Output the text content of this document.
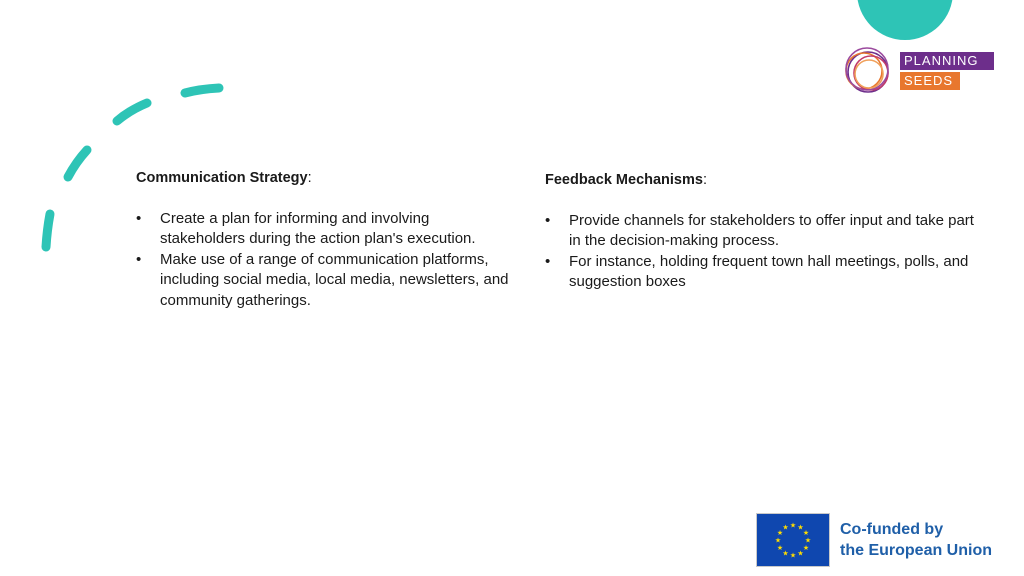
PLANNING
SEEDS

Communication Strategy:

• Create a plan for informing and involving stakeholders during the action plan's execution.
• Make use of a range of communication platforms, including social media, local media, newsletters, and community gatherings.

Feedback Mechanisms:

• Provide channels for stakeholders to offer input and take part in the decision-making process.
• For instance, holding frequent town hall meetings, polls, and suggestion boxes
★ ★
★
★
★
★
★
★
★
★
★
★	Co-funded by
the European Union
